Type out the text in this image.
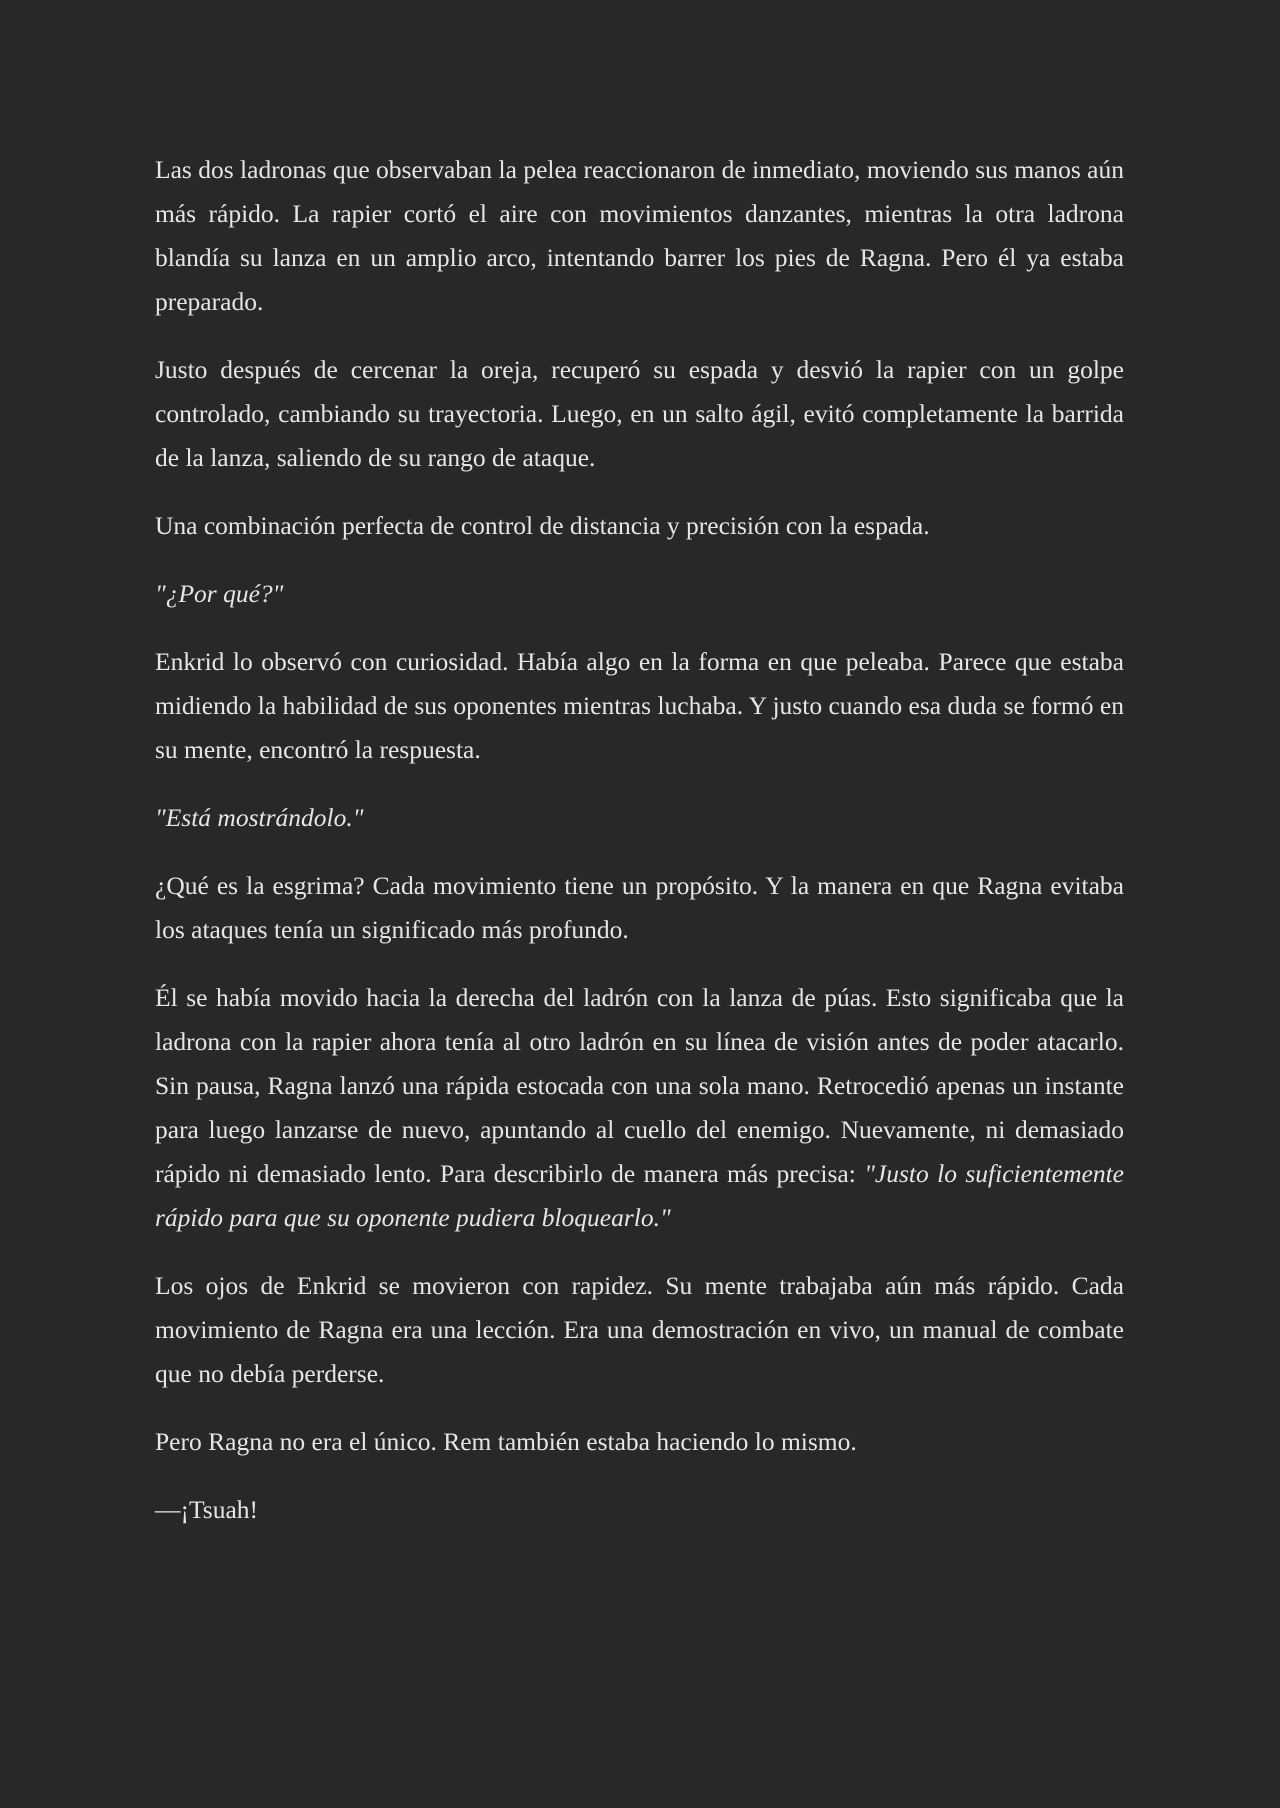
Las dos ladronas que observaban la pelea reaccionaron de inmediato, moviendo sus manos aún más rápido. La rapier cortó el aire con movimientos danzantes, mientras la otra ladrona blandía su lanza en un amplio arco, intentando barrer los pies de Ragna. Pero él ya estaba preparado.

Justo después de cercenar la oreja, recuperó su espada y desvió la rapier con un golpe controlado, cambiando su trayectoria. Luego, en un salto ágil, evitó completamente la barrida de la lanza, saliendo de su rango de ataque.

Una combinación perfecta de control de distancia y precisión con la espada.

"¿Por qué?"

Enkrid lo observó con curiosidad. Había algo en la forma en que peleaba. Parece que estaba midiendo la habilidad de sus oponentes mientras luchaba. Y justo cuando esa duda se formó en su mente, encontró la respuesta.

"Está mostrándolo."

¿Qué es la esgrima? Cada movimiento tiene un propósito. Y la manera en que Ragna evitaba los ataques tenía un significado más profundo.

Él se había movido hacia la derecha del ladrón con la lanza de púas. Esto significaba que la ladrona con la rapier ahora tenía al otro ladrón en su línea de visión antes de poder atacarlo. Sin pausa, Ragna lanzó una rápida estocada con una sola mano. Retrocedió apenas un instante para luego lanzarse de nuevo, apuntando al cuello del enemigo. Nuevamente, ni demasiado rápido ni demasiado lento. Para describirlo de manera más precisa: "Justo lo suficientemente rápido para que su oponente pudiera bloquearlo."

Los ojos de Enkrid se movieron con rapidez. Su mente trabajaba aún más rápido. Cada movimiento de Ragna era una lección. Era una demostración en vivo, un manual de combate que no debía perderse.

Pero Ragna no era el único. Rem también estaba haciendo lo mismo.

—¡Tsuah!
